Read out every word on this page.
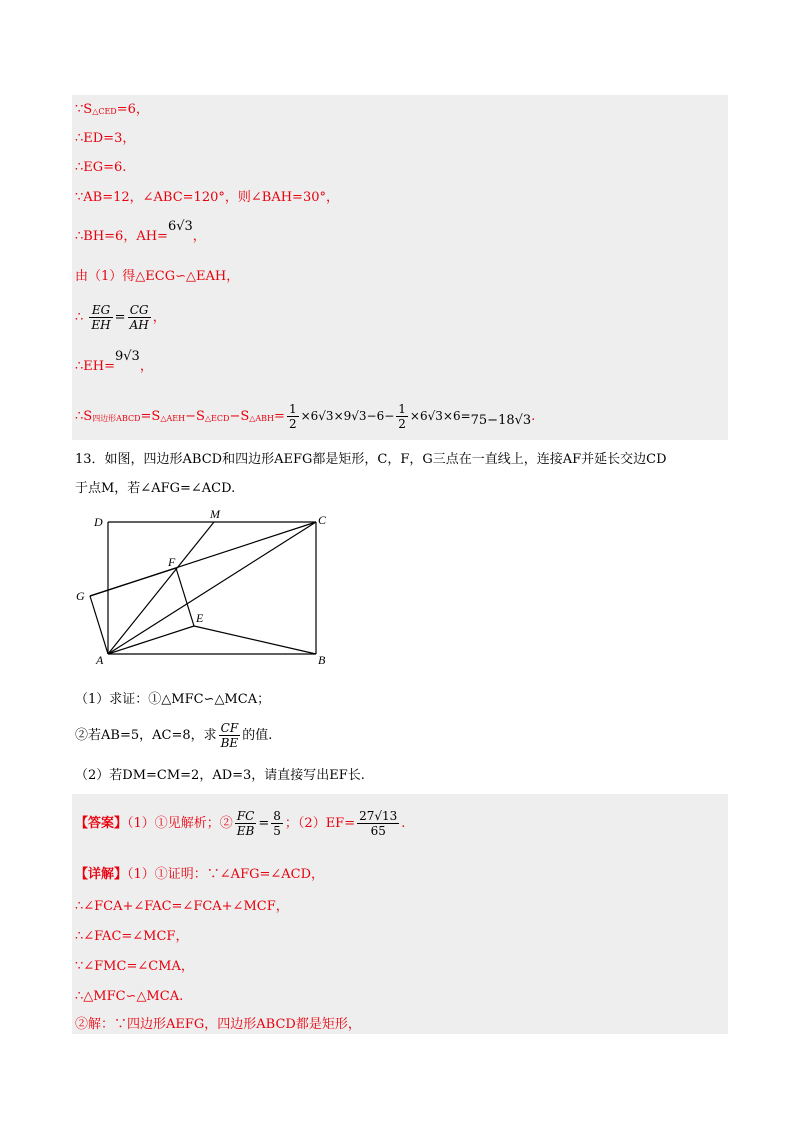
∵S△CED=6，
∴ED=3，
∴EG=6.
∵AB=12，∠ABC=120°，则∠BAH=30°，
∴BH=6，AH=6√3，
由（1）得△ECG∽△EAH，
∴ $\frac{EG}{EH} = \frac{CG}{AH}$ ，
∴EH=9√3，
∴S四边形ABCD=S△AEH−S△ECD−S△ABH= $\frac{1}{2} \times 6√3\times 9√3-6- \frac{1}{2} \times 6√3\times 6=75-18√3$.
13．如图，四边形ABCD和四边形AEFG都是矩形，C，F，G三点在一直线上，连接AF并延长交边CD
于点M，若∠AFG=∠ACD.
D
M	C
F
G
E
A	B
（1）求证：①△MFC∽△MCA；
②若AB=5，AC=8，求 $\frac{CF}{BE}$ 的值.
（2）若DM=CM=2，AD=3，请直接写出EF长.
【答案】（1）①见解析；② $\frac{FC}{EB} = \frac{8}{5}$ ；$(2)EF= \frac{27√13}{65}$ .
【详解】（1）①证明：∵∠AFG=∠ACD，
∴∠FCA+∠FAC=∠FCA+∠MCF，
∴∠FAC=∠MCF，
∵∠FMC=∠CMA，
∴△MFC∽△MCA.
②解：∵四边形AEFG，四边形ABCD都是矩形，
